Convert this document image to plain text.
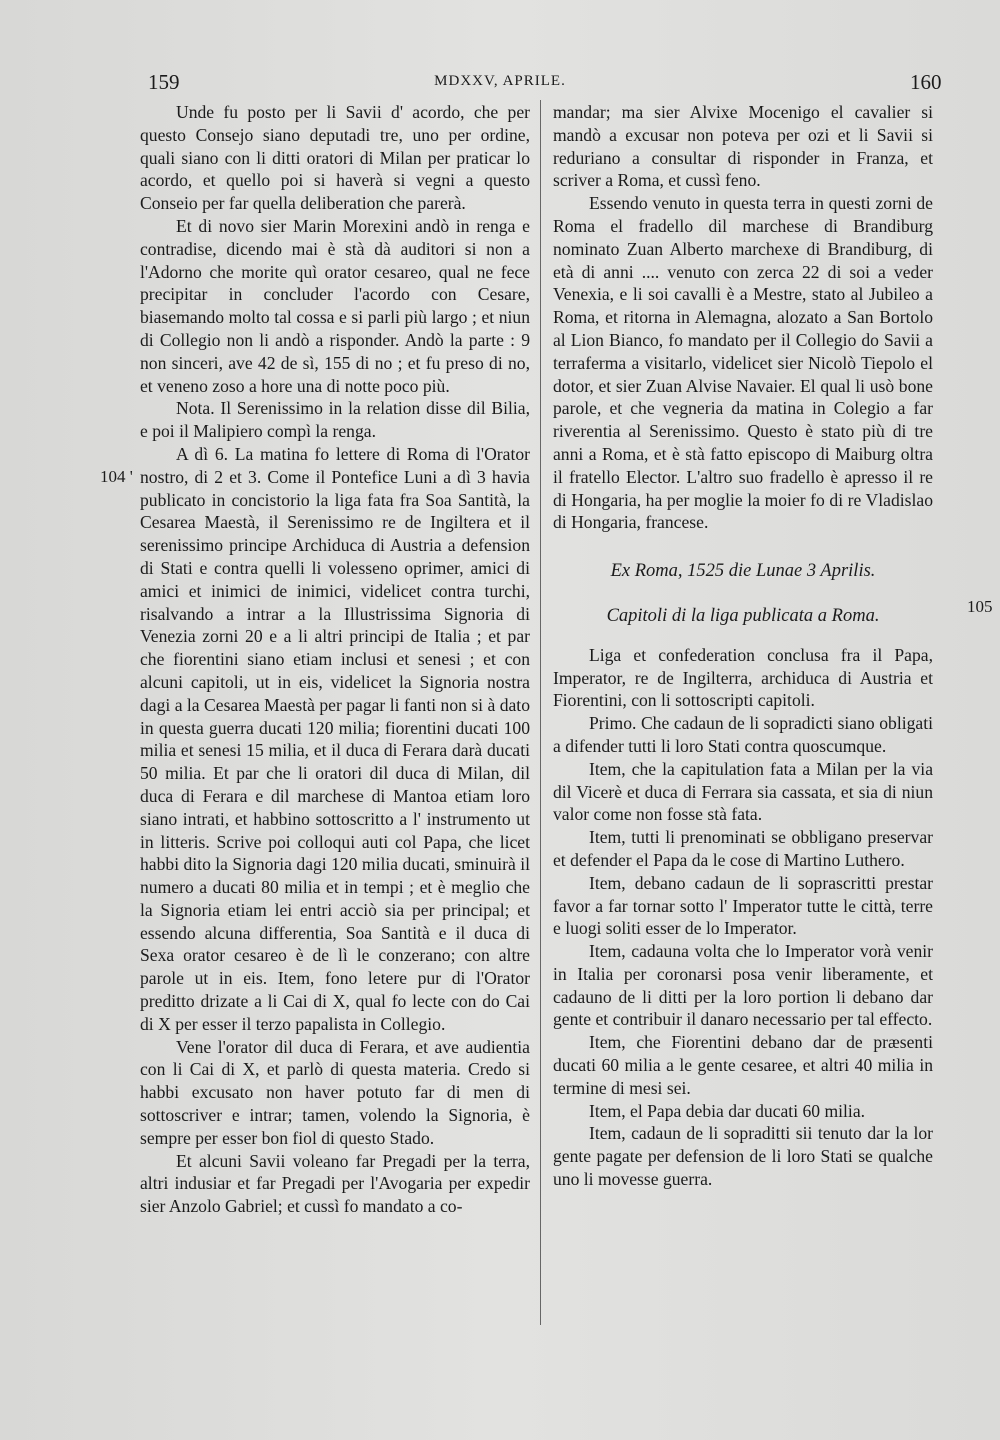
159	MDXXV, APRILE.	160
104 '
105

Unde fu posto per li Savii d' acordo, che per questo Consejo siano deputadi tre, uno per ordine, quali siano con li ditti oratori di Milan per praticar lo acordo, et quello poi si haverà si vegni a questo Conseio per far quella deliberation che parerà.

Et di novo sier Marin Morexini andò in renga e contradise, dicendo mai è stà dà auditori si non a l'Adorno che morite quì orator cesareo, qual ne fece precipitar in concluder l'acordo con Cesare, biasemando molto tal cossa e si parli più largo ; et niun di Collegio non li andò a risponder. Andò la parte : 9 non sinceri, ave 42 de sì, 155 di no ; et fu preso di no, et veneno zoso a hore una di notte poco più.

Nota. Il Serenissimo in la relation disse dil Bilia, e poi il Malipiero compì la renga.

A dì 6. La matina fo lettere di Roma di l'Orator nostro, di 2 et 3. Come il Pontefice Luni a dì 3 havia publicato in concistorio la liga fata fra Soa Santità, la Cesarea Maestà, il Serenissimo re de Ingiltera et il serenissimo principe Archiduca di Austria a defension di Stati e contra quelli li volesseno oprimer, amici di amici et inimici de inimici, videlicet contra turchi, risalvando a intrar a la Illustrissima Signoria di Venezia zorni 20 e a li altri principi de Italia ; et par che fiorentini siano etiam inclusi et senesi ; et con alcuni capitoli, ut in eis, videlicet la Signoria nostra dagi a la Cesarea Maestà per pagar li fanti non si à dato in questa guerra ducati 120 milia; fiorentini ducati 100 milia et senesi 15 milia, et il duca di Ferara darà ducati 50 milia. Et par che li oratori dil duca di Milan, dil duca di Ferara e dil marchese di Mantoa etiam loro siano intrati, et habbino sottoscritto a l' instrumento ut in litteris. Scrive poi colloqui auti col Papa, che licet habbi dito la Signoria dagi 120 milia ducati, sminuirà il numero a ducati 80 milia et in tempi ; et è meglio che la Signoria etiam lei entri acciò sia per principal; et essendo alcuna differentia, Soa Santità e il duca di Sexa orator cesareo è de lì le conzerano; con altre parole ut in eis. Item, fono letere pur di l'Orator preditto drizate a li Cai di X, qual fo lecte con do Cai di X per esser il terzo papalista in Collegio.

Vene l'orator dil duca di Ferara, et ave audientia con li Cai di X, et parlò di questa materia. Credo si habbi excusato non haver potuto far di men di sottoscriver e intrar; tamen, volendo la Signoria, è sempre per esser bon fiol di questo Stado.

Et alcuni Savii voleano far Pregadi per la terra, altri indusiar et far Pregadi per l'Avogaria per expedir sier Anzolo Gabriel; et cussì fo mandato a co-

mandar; ma sier Alvixe Mocenigo el cavalier si mandò a excusar non poteva per ozi et li Savii si reduriano a consultar di risponder in Franza, et scriver a Roma, et cussì feno.

Essendo venuto in questa terra in questi zorni de Roma el fradello dil marchese di Brandiburg nominato Zuan Alberto marchexe di Brandiburg, di età di anni .... venuto con zerca 22 di soi a veder Venexia, e li soi cavalli è a Mestre, stato al Jubileo a Roma, et ritorna in Alemagna, alozato a San Bortolo al Lion Bianco, fo mandato per il Collegio do Savii a terraferma a visitarlo, videlicet sier Nicolò Tiepolo el dotor, et sier Zuan Alvise Navaier. El qual li usò bone parole, et che vegneria da matina in Colegio a far riverentia al Serenissimo. Questo è stato più di tre anni a Roma, et è stà fatto episcopo di Maiburg oltra il fratello Elector. L'altro suo fradello è apresso il re di Hongaria, ha per moglie la moier fo di re Vladislao di Hongaria, francese.

Ex Roma, 1525 die Lunae 3 Aprilis.

Capitoli di la liga publicata a Roma.

Liga et confederation conclusa fra il Papa, Imperator, re de Ingilterra, archiduca di Austria et Fiorentini, con li sottoscripti capitoli.

Primo. Che cadaun de li sopradicti siano obligati a difender tutti li loro Stati contra quoscumque.

Item, che la capitulation fata a Milan per la via dil Vicerè et duca di Ferrara sia cassata, et sia di niun valor come non fosse stà fata.

Item, tutti li prenominati se obbligano preservar et defender el Papa da le cose di Martino Luthero.

Item, debano cadaun de li soprascritti prestar favor a far tornar sotto l' Imperator tutte le città, terre e luogi soliti esser de lo Imperator.

Item, cadauna volta che lo Imperator vorà venir in Italia per coronarsi posa venir liberamente, et cadauno de li ditti per la loro portion li debano dar gente et contribuir il danaro necessario per tal effecto.

Item, che Fiorentini debano dar de præsenti ducati 60 milia a le gente cesaree, et altri 40 milia in termine di mesi sei.

Item, el Papa debia dar ducati 60 milia.

Item, cadaun de li sopraditti sii tenuto dar la lor gente pagate per defension de li loro Stati se qualche uno li movesse guerra.
